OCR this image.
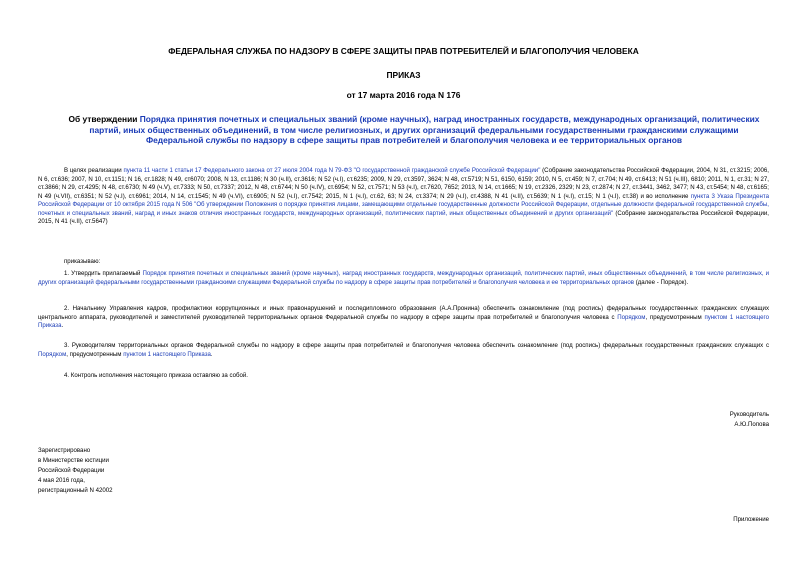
ФЕДЕРАЛЬНАЯ СЛУЖБА ПО НАДЗОРУ В СФЕРЕ ЗАЩИТЫ ПРАВ ПОТРЕБИТЕЛЕЙ И БЛАГОПОЛУЧИЯ ЧЕЛОВЕКА
ПРИКАЗ
от 17 марта 2016 года N 176
Об утверждении Порядка принятия почетных и специальных званий (кроме научных), наград иностранных государств, международных организаций, политических партий, иных общественных объединений, в том числе религиозных, и других организаций федеральными государственными гражданскими служащими Федеральной службы по надзору в сфере защиты прав потребителей и благополучия человека и ее территориальных органов
В целях реализации пункта 11 части 1 статьи 17 Федерального закона от 27 июля 2004 года N 79-ФЗ "О государственной гражданской службе Российской Федерации" (Собрание законодательства Российской Федерации, 2004, N 31, ст.3215; 2006, N 6, ст.636; 2007, N 10, ст.1151; N 16, ст.1828; N 49, ст6070; 2008, N 13, ст.1186; N 30 (ч.II), ст.3616; N 52 (ч.I), ст.6235; 2009, N 29, ст.3597, 3624; N 48, ст.5719; N 51, 6150, 6159; 2010, N 5, ст.459; N 7, ст.704; N 49, ст.6413; N 51 (ч.III), 6810; 2011, N 1, ст.31; N 27, ст.3866; N 29, ст.4295; N 48, ст.6730; N 49 (ч.V), ст.7333; N 50, ст.7337; 2012, N 48, ст.6744; N 50 (ч.IV), ст.6954; N 52, ст.7571; N 53 (ч.I), ст.7620, 7652; 2013, N 14, ст.1665; N 19, ст.2326, 2329; N 23, ст.2874; N 27, ст.3441, 3462, 3477; N 43, ст.5454; N 48, ст.6165; N 49 (ч.VII), ст.6351; N 52 (ч.I), ст.6961; 2014, N 14, ст.1545; N 49 (ч.VI), ст.6905; N 52 (ч.I), ст.7542; 2015, N 1 (ч.I), ст.62, 63; N 24, ст.3374; N 29 (ч.I), ст.4388, N 41 (ч.II), ст.5639; N 1 (ч.I), ст.15; N 1 (ч.I), ст.38) и во исполнение пункта 3 Указа Президента Российской Федерации от 10 октября 2015 года N 506 "Об утверждении Положения о порядке принятия лицами, замещающими отдельные государственные должности Российской Федерации, отдельные должности федеральной государственной службы, почетных и специальных званий, наград и иных знаков отличия иностранных государств, международных организаций, политических партий, иных общественных объединений и других организаций" (Собрание законодательства Российской Федерации, 2015, N 41 (ч.II), ст.5647)
приказываю:
1. Утвердить прилагаемый Порядок принятия почетных и специальных званий (кроме научных), наград иностранных государств, международных организаций, политических партий, иных общественных объединений, в том числе религиозных, и других организаций федеральными государственными гражданскими служащими Федеральной службы по надзору в сфере защиты прав потребителей и благополучия человека и ее территориальных органов (далее - Порядок).
2. Начальнику Управления кадров, профилактики коррупционных и иных правонарушений и последипломного образования (А.А.Пронина) обеспечить ознакомление (под роспись) федеральных государственных гражданских служащих центрального аппарата, руководителей и заместителей руководителей территориальных органов Федеральной службы по надзору в сфере защиты прав потребителей и благополучия человека с Порядком, предусмотренным пунктом 1 настоящего Приказа.
3. Руководителям территориальных органов Федеральной службы по надзору в сфере защиты прав потребителей и благополучия человека обеспечить ознакомление (под роспись) федеральных государственных гражданских служащих с Порядком, предусмотренным пунктом 1 настоящего Приказа.
4. Контроль исполнения настоящего приказа оставляю за собой.
Руководитель
А.Ю.Попова
Зарегистрировано
в Министерстве юстиции
Российской Федерации
4 мая 2016 года,
регистрационный N 42002
Приложение
